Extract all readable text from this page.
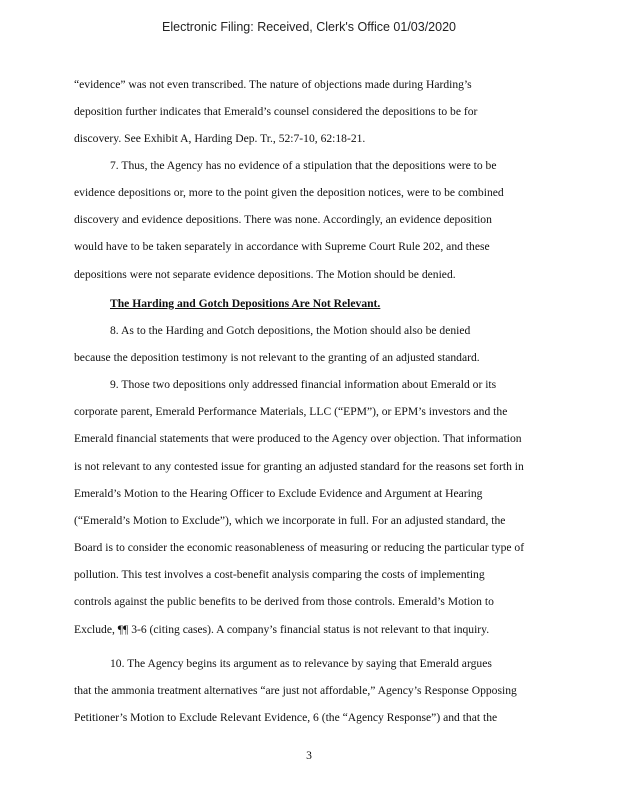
Electronic Filing: Received, Clerk's Office 01/03/2020
“evidence” was not even transcribed. The nature of objections made during Harding’s
deposition further indicates that Emerald’s counsel considered the depositions to be for
discovery. See Exhibit A, Harding Dep. Tr., 52:7-10, 62:18-21.
7. Thus, the Agency has no evidence of a stipulation that the depositions were to be
evidence depositions or, more to the point given the deposition notices, were to be combined
discovery and evidence depositions. There was none. Accordingly, an evidence deposition
would have to be taken separately in accordance with Supreme Court Rule 202, and these
depositions were not separate evidence depositions. The Motion should be denied.
The Harding and Gotch Depositions Are Not Relevant.
8. As to the Harding and Gotch depositions, the Motion should also be denied
because the deposition testimony is not relevant to the granting of an adjusted standard.
9. Those two depositions only addressed financial information about Emerald or its
corporate parent, Emerald Performance Materials, LLC (“EPM”), or EPM’s investors and the
Emerald financial statements that were produced to the Agency over objection. That information
is not relevant to any contested issue for granting an adjusted standard for the reasons set forth in
Emerald’s Motion to the Hearing Officer to Exclude Evidence and Argument at Hearing
(“Emerald’s Motion to Exclude”), which we incorporate in full. For an adjusted standard, the
Board is to consider the economic reasonableness of measuring or reducing the particular type of
pollution. This test involves a cost-benefit analysis comparing the costs of implementing
controls against the public benefits to be derived from those controls. Emerald’s Motion to
Exclude, ¶¶ 3-6 (citing cases). A company’s financial status is not relevant to that inquiry.
10. The Agency begins its argument as to relevance by saying that Emerald argues
that the ammonia treatment alternatives “are just not affordable,” Agency’s Response Opposing
Petitioner’s Motion to Exclude Relevant Evidence, 6 (the “Agency Response”) and that the
3
